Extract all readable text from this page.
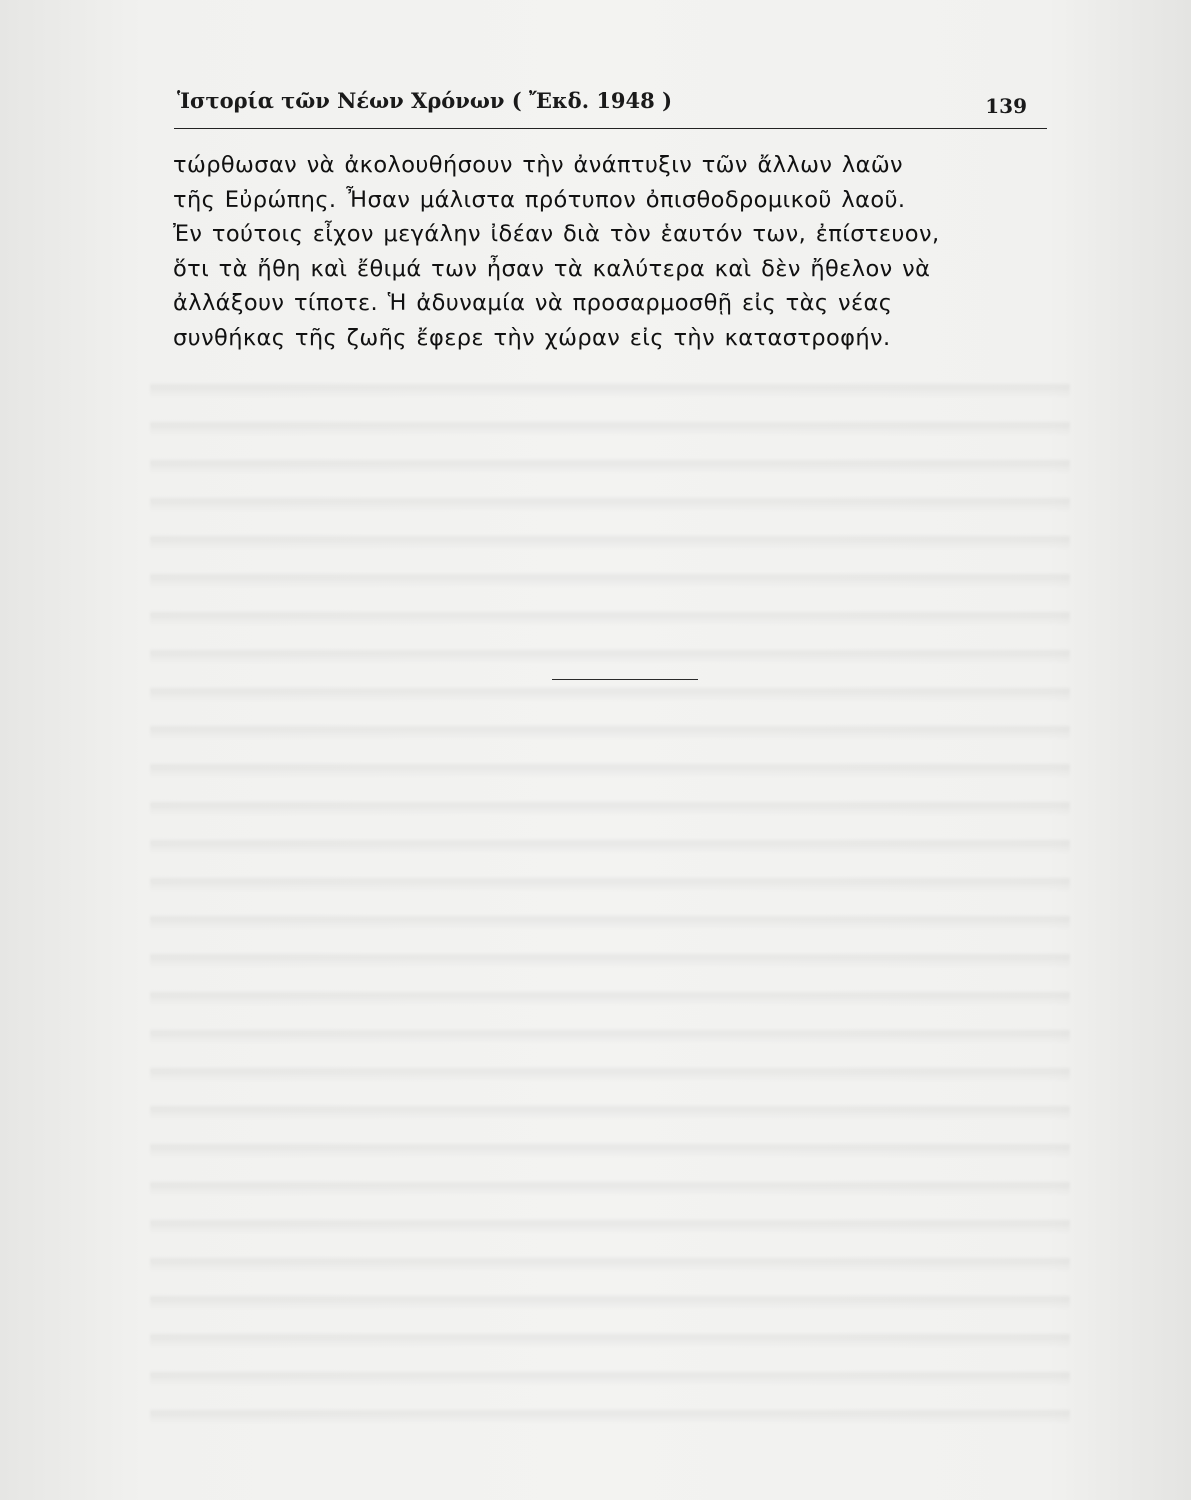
Ἱστορία τῶν Νέων Χρόνων ( Ἔκδ. 1948 )	139
τώρθωσαν νὰ ἀκολουθήσουν τὴν ἀνάπτυξιν τῶν ἄλλων λαῶν
τῆς Εὐρώπης. Ἦσαν μάλιστα πρότυπον ὀπισθοδρομικοῦ λαοῦ.
Ἐν τούτοις εἶχον μεγάλην ἰδέαν διὰ τὸν ἑαυτόν των, ἐπίστευον,
ὅτι τὰ ἤθη καὶ ἔθιμά των ἦσαν τὰ καλύτερα καὶ δὲν ἤθελον νὰ
ἀλλάξουν τίποτε. Ἡ ἀδυναμία νὰ προσαρμοσθῇ εἰς τὰς νέας
συνθήκας τῆς ζωῆς ἔφερε τὴν χώραν εἰς τὴν καταστροφήν.
